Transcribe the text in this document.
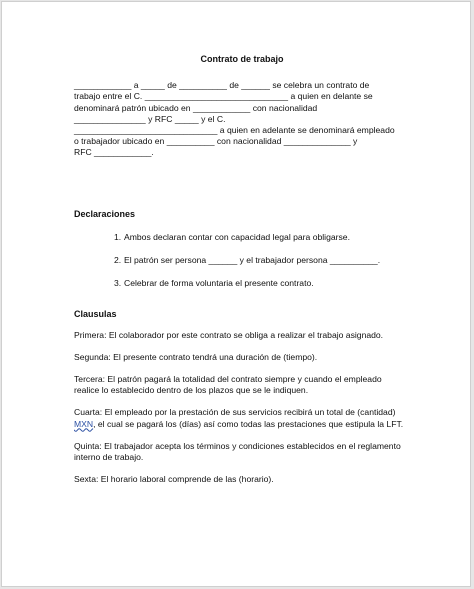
Contrato de trabajo
____________ a _____ de __________ de ______ se celebra un contrato de
trabajo entre el C. ______________________________ a quien en delante se
denominará patrón ubicado en ____________ con nacionalidad
_______________ y RFC _____ y el C.
______________________________ a quien en adelante se denominará empleado
o trabajador ubicado en __________ con nacionalidad ______________ y
RFC ____________.
Declaraciones
1. Ambos declaran contar con capacidad legal para obligarse.
2. El patrón ser persona ______ y el trabajador persona __________.
3. Celebrar de forma voluntaria el presente contrato.
Clausulas

Primera: El colaborador por este contrato se obliga a realizar el trabajo asignado.

Segunda: El presente contrato tendrá una duración de (tiempo).

Tercera: El patrón pagará la totalidad del contrato siempre y cuando el empleado realice lo establecido dentro de los plazos que se le indiquen.

Cuarta: El empleado por la prestación de sus servicios recibirá un total de (cantidad) MXN, el cual se pagará los (días) así como todas las prestaciones que estipula la LFT.

Quinta: El trabajador acepta los términos y condiciones establecidos en el reglamento interno de trabajo.

Sexta: El horario laboral comprende de las (horario).
